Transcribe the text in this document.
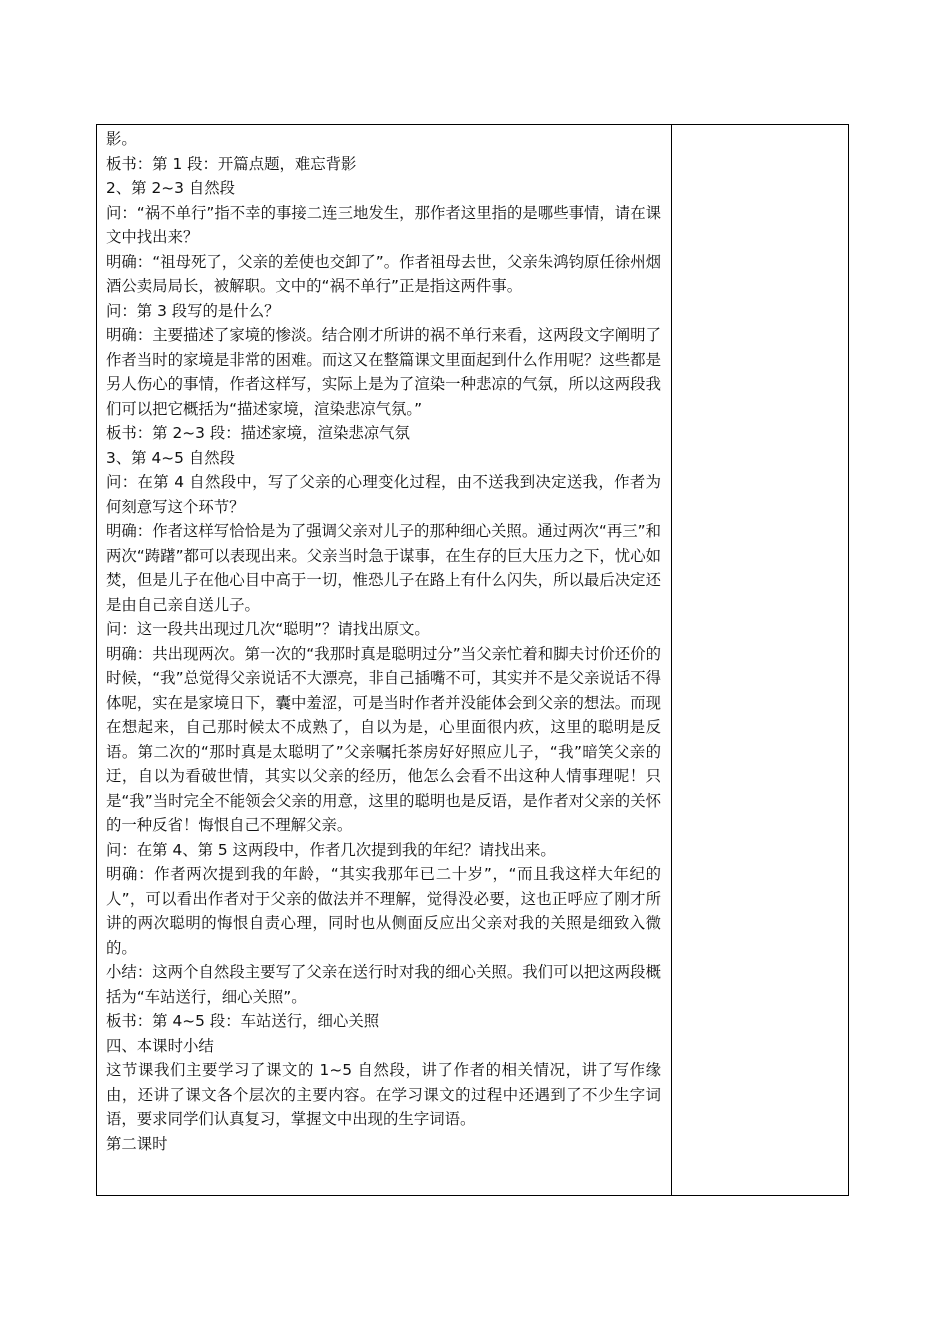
影。
板书：第 1 段：开篇点题，难忘背影
2、第 2~3 自然段
问：“祸不单行”指不幸的事接二连三地发生，那作者这里指的是哪些事情，请在课文中找出来？
明确：“祖母死了，父亲的差使也交卸了”。作者祖母去世，父亲朱鸿钧原任徐州烟酒公卖局局长，被解职。文中的“祸不单行”正是指这两件事。
问：第 3 段写的是什么？
明确：主要描述了家境的惨淡。结合刚才所讲的祸不单行来看，这两段文字阐明了作者当时的家境是非常的困难。而这又在整篇课文里面起到什么作用呢？这些都是另人伤心的事情，作者这样写，实际上是为了渲染一种悲凉的气氛，所以这两段我们可以把它概括为“描述家境，渲染悲凉气氛。”
板书：第 2~3 段：描述家境，渲染悲凉气氛
3、第 4~5 自然段
问：在第 4 自然段中，写了父亲的心理变化过程，由不送我到决定送我，作者为何刻意写这个环节？
明确：作者这样写恰恰是为了强调父亲对儿子的那种细心关照。通过两次“再三”和两次“踌躇”都可以表现出来。父亲当时急于谋事，在生存的巨大压力之下，忧心如焚，但是儿子在他心目中高于一切，惟恐儿子在路上有什么闪失，所以最后决定还是由自己亲自送儿子。
问：这一段共出现过几次“聪明”？请找出原文。
明确：共出现两次。第一次的“我那时真是聪明过分”当父亲忙着和脚夫讨价还价的时候，“我”总觉得父亲说话不大漂亮，非自己插嘴不可，其实并不是父亲说话不得体呢，实在是家境日下，囊中羞涩，可是当时作者并没能体会到父亲的想法。而现在想起来，自己那时候太不成熟了，自以为是，心里面很内疚，这里的聪明是反语。第二次的“那时真是太聪明了”父亲嘱托茶房好好照应儿子，“我”暗笑父亲的迂，自以为看破世情，其实以父亲的经历，他怎么会看不出这种人情事理呢！只是“我”当时完全不能领会父亲的用意，这里的聪明也是反语，是作者对父亲的关怀的一种反省！悔恨自己不理解父亲。
问：在第 4、第 5 这两段中，作者几次提到我的年纪？请找出来。
明确：作者两次提到我的年龄，“其实我那年已二十岁”，“而且我这样大年纪的人”，可以看出作者对于父亲的做法并不理解，觉得没必要，这也正呼应了刚才所讲的两次聪明的悔恨自责心理，同时也从侧面反应出父亲对我的关照是细致入微的。
小结：这两个自然段主要写了父亲在送行时对我的细心关照。我们可以把这两段概括为“车站送行，细心关照”。
板书：第 4~5 段：车站送行，细心关照
四、本课时小结
这节课我们主要学习了课文的 1~5 自然段，讲了作者的相关情况，讲了写作缘由，还讲了课文各个层次的主要内容。在学习课文的过程中还遇到了不少生字词语，要求同学们认真复习，掌握文中出现的生字词语。
第二课时
